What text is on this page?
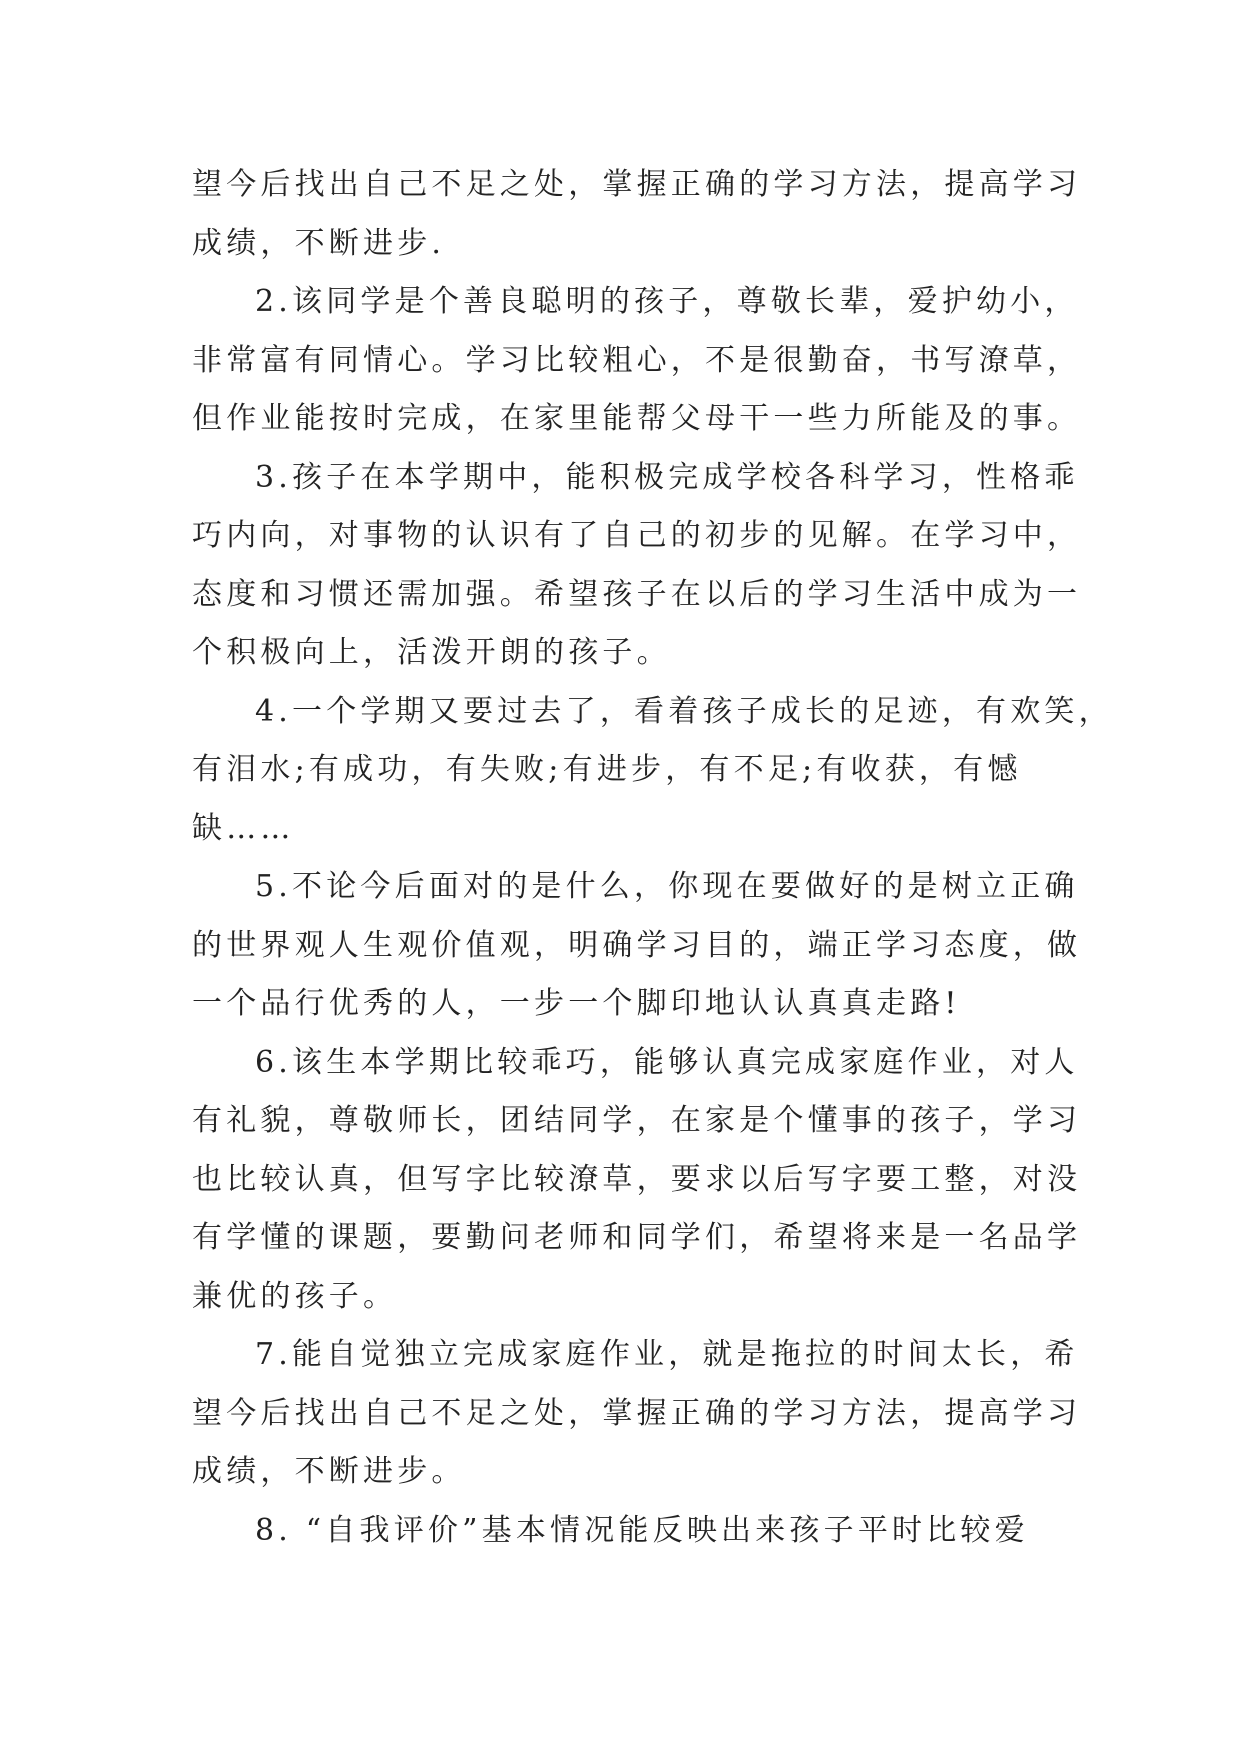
望今后找出自己不足之处，掌握正确的学习方法，提高学习
成绩，不断进步.
2.该同学是个善良聪明的孩子，尊敬长辈，爱护幼小，
非常富有同情心。学习比较粗心，不是很勤奋，书写潦草，
但作业能按时完成，在家里能帮父母干一些力所能及的事。
3.孩子在本学期中，能积极完成学校各科学习，性格乖
巧内向，对事物的认识有了自己的初步的见解。在学习中，
态度和习惯还需加强。希望孩子在以后的学习生活中成为一
个积极向上，活泼开朗的孩子。
4.一个学期又要过去了，看着孩子成长的足迹，有欢笑，
有泪水;有成功，有失败;有进步，有不足;有收获，有憾
缺……
5.不论今后面对的是什么，你现在要做好的是树立正确
的世界观人生观价值观，明确学习目的，端正学习态度，做
一个品行优秀的人，一步一个脚印地认认真真走路!
6.该生本学期比较乖巧，能够认真完成家庭作业，对人
有礼貌，尊敬师长，团结同学，在家是个懂事的孩子，学习
也比较认真，但写字比较潦草，要求以后写字要工整，对没
有学懂的课题，要勤问老师和同学们，希望将来是一名品学
兼优的孩子。
7.能自觉独立完成家庭作业，就是拖拉的时间太长，希
望今后找出自己不足之处，掌握正确的学习方法，提高学习
成绩，不断进步。
8. “自我评价”基本情况能反映出来孩子平时比较爱
